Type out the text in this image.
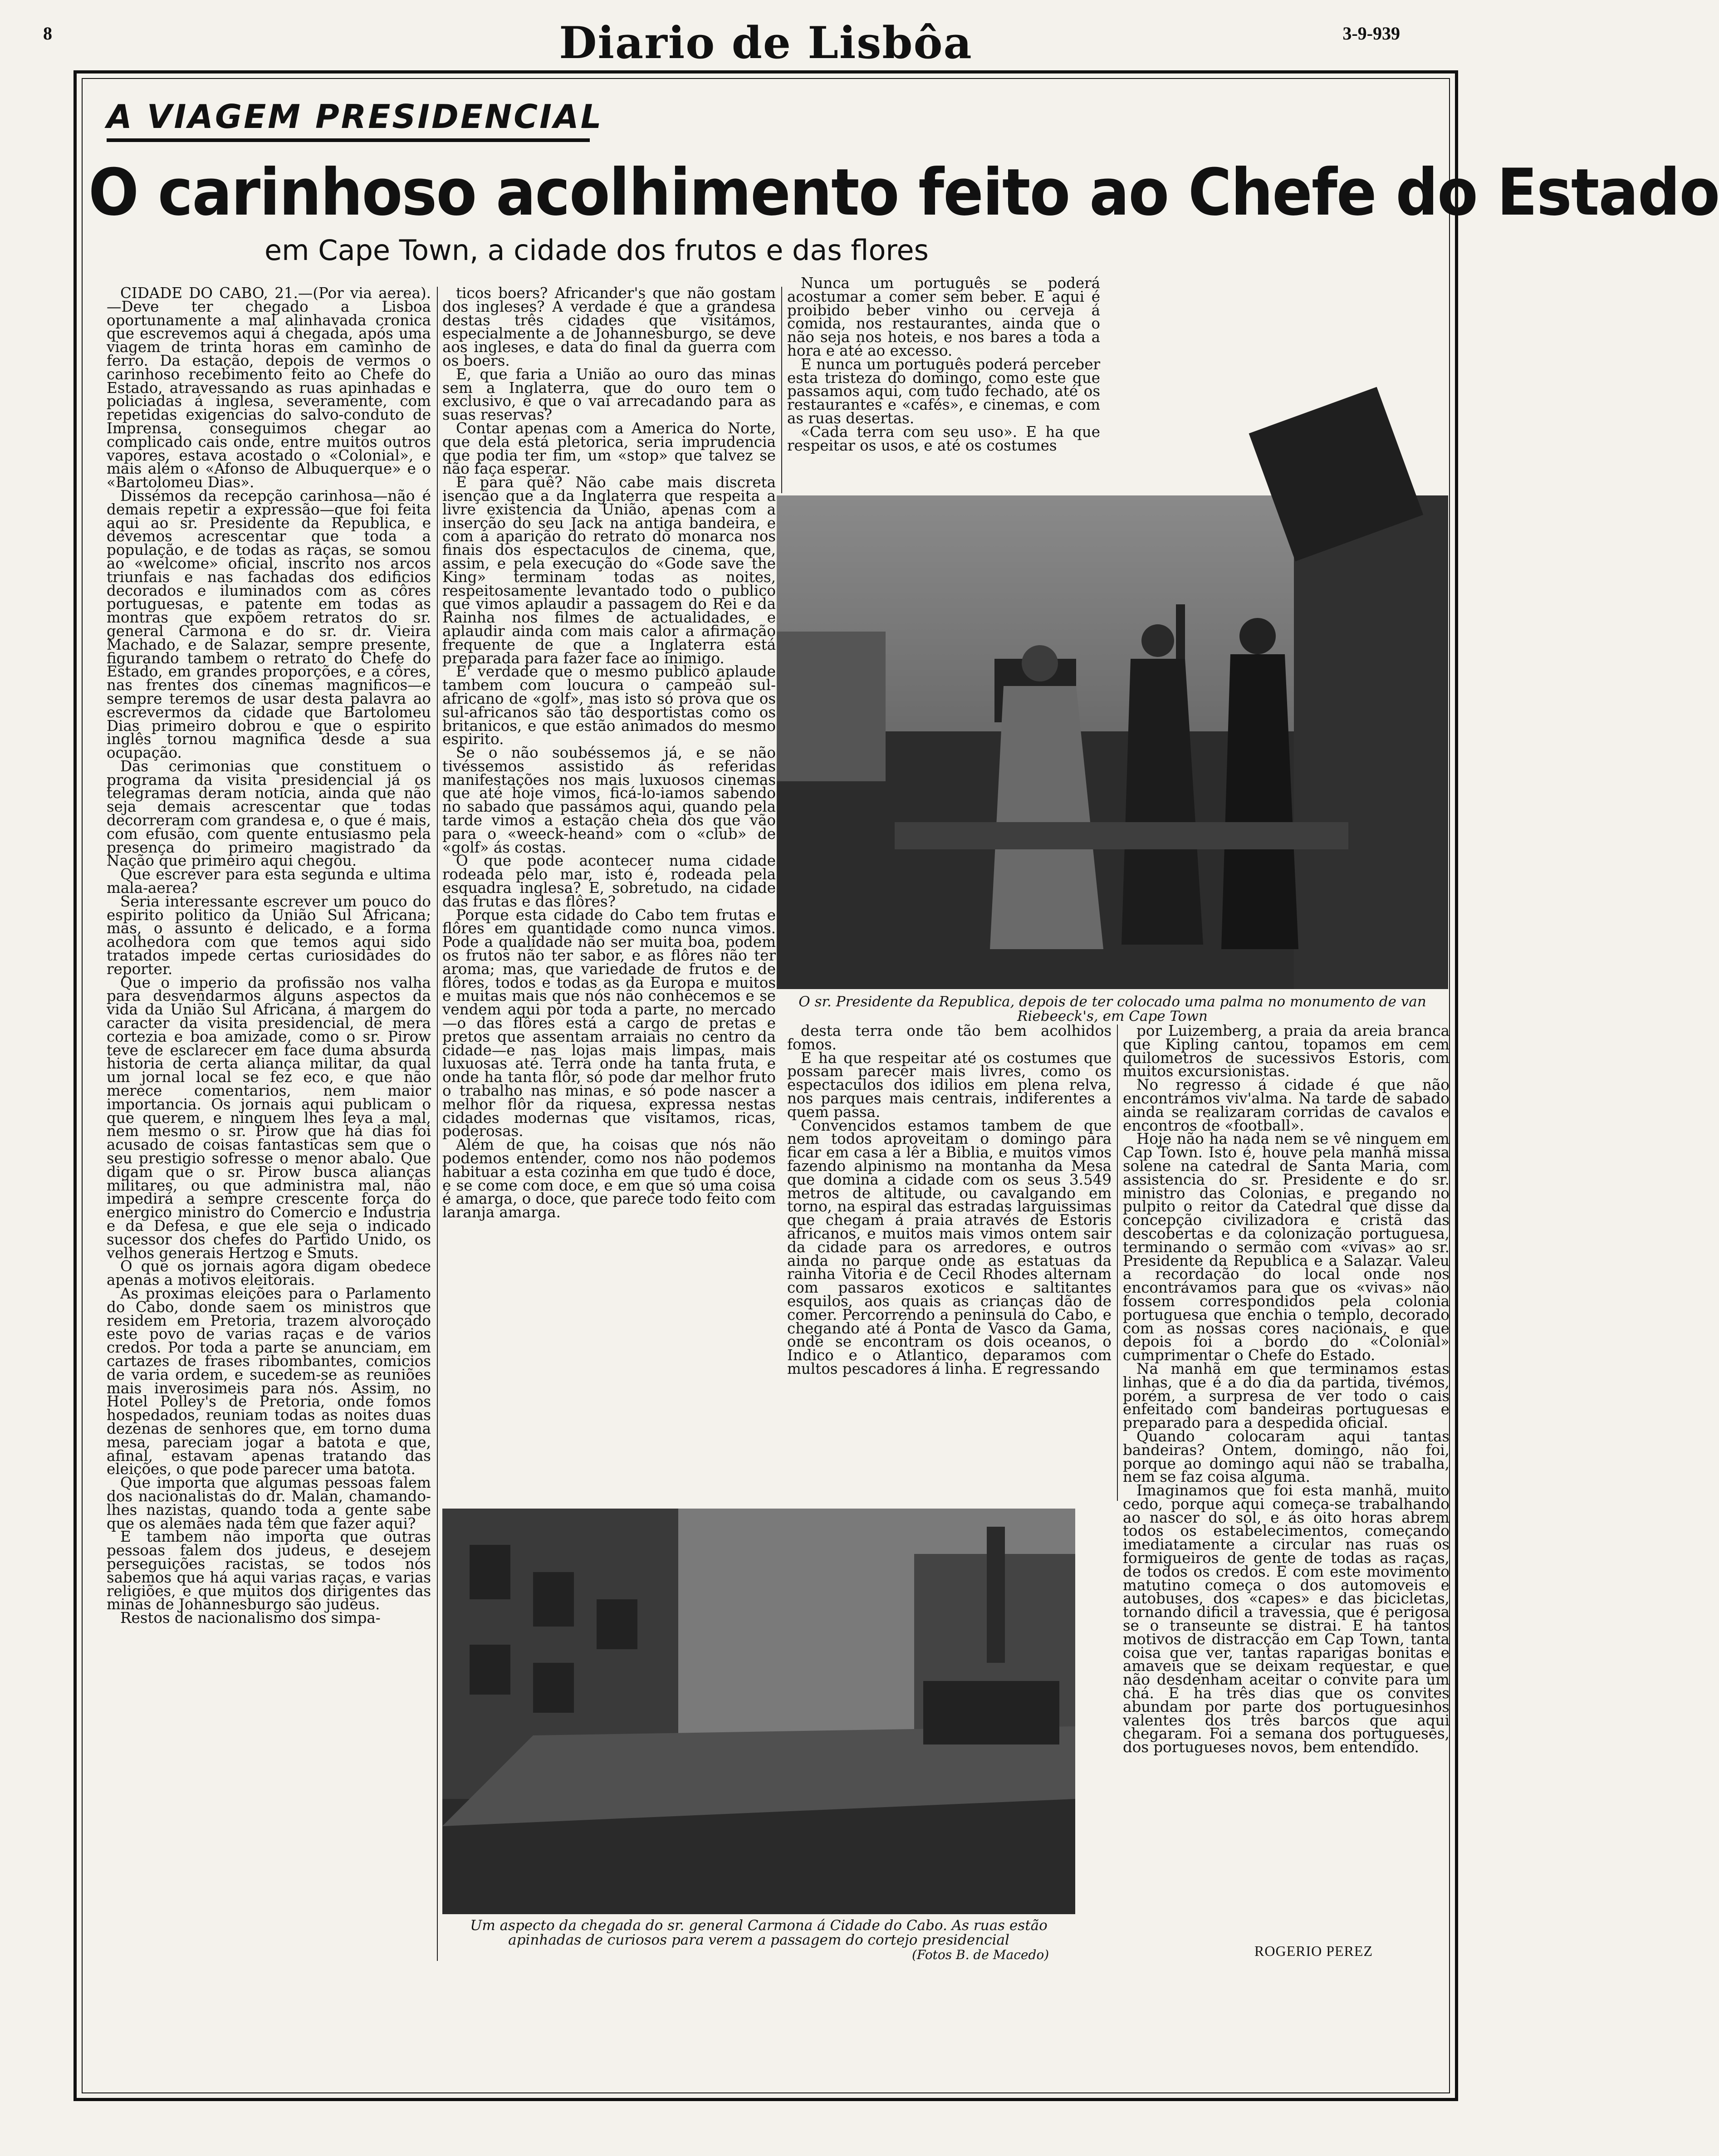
8	Diario de Lisbôa	3-9-939
A VIAGEM PRESIDENCIAL
O carinhoso acolhimento feito ao Chefe do Estado
em Cape Town, a cidade dos frutos e das flores

CIDADE DO CABO, 21.—(Por via aerea).—Deve ter chegado a Lisboa oportunamente a mal alinhavada cronica que escrevemos aqui á chegada, após uma viagem de trinta horas em caminho de ferro. Da estação, depois de vermos o carinhoso recebimento feito ao Chefe do Estado, atravessando as ruas apinhadas e policiadas á inglesa, severamente, com repetidas exigencias do salvo-conduto de Imprensa, conseguimos chegar ao complicado cais onde, entre muitos outros vapores, estava acostado o «Colonial», e mais além o «Afonso de Albuquerque» e o «Bartolomeu Dias».

Dissémos da recepção carinhosa—não é demais repetir a expressão—que foi feita aqui ao sr. Presidente da Republica, e devemos acrescentar que toda a população, e de todas as raças, se somou ao «welcome» oficial, inscrito nos arcos triunfais e nas fachadas dos edificios decorados e iluminados com as côres portuguesas, e patente em todas as montras que expõem retratos do sr. general Carmona e do sr. dr. Vieira Machado, e de Salazar, sempre presente, figurando tambem o retrato do Chefe do Estado, em grandes proporções, e a côres, nas frentes dos cinemas magnificos—e sempre teremos de usar desta palavra ao escrevermos da cidade que Bartolomeu Dias primeiro dobrou e que o espirito inglês tornou magnifica desde a sua ocupação.

Das cerimonias que constituem o programa da visita presidencial já os telegramas deram noticia, ainda que não seja demais acrescentar que todas decorreram com grandesa e, o que é mais, com efusão, com quente entusiasmo pela presença do primeiro magistrado da Nação que primeiro aqui chegou.

Que escrever para esta segunda e ultima mala-aerea?

Seria interessante escrever um pouco do espirito politico da União Sul Africana; mas, o assunto é delicado, e a forma acolhedora com que temos aqui sido tratados impede certas curiosidades do reporter.

Que o imperio da profissão nos valha para desvendarmos alguns aspectos da vida da União Sul Africana, á margem do caracter da visita presidencial, de mera cortezia e boa amizade, como o sr. Pirow teve de esclarecer em face duma absurda historia de certa aliança militar, da qual um jornal local se fez eco, e que não merece comentarios, nem maior importancia. Os jornais aqui publicam o que querem, e ninguem lhes leva a mal, nem mesmo o sr. Pirow que há dias foi acusado de coisas fantasticas sem que o seu prestigio sofresse o menor abalo. Que digam que o sr. Pirow busca alianças militares, ou que administra mal, não impedirá a sempre crescente força do energico ministro do Comercio e Industria e da Defesa, e que ele seja o indicado sucessor dos chefes do Partido Unido, os velhos generais Hertzog e Smuts.

O que os jornais agora digam obedece apenas a motivos eleitorais.

As proximas eleições para o Parlamento do Cabo, donde saem os ministros que residem em Pretoria, trazem alvoroçado este povo de varias raças e de varios credos. Por toda a parte se anunciam, em cartazes de frases ribombantes, comicios de varia ordem, e sucedem-se as reuniões mais inverosimeis para nós. Assim, no Hotel Polley's de Pretoria, onde fomos hospedados, reuniam todas as noites duas dezenas de senhores que, em torno duma mesa, pareciam jogar a batota e que, afinal, estavam apenas tratando das eleições, o que pode parecer uma batota.

Que importa que algumas pessoas falem dos nacionalistas do dr. Malan, chamando-lhes nazistas, quando toda a gente sabe que os alemães nada têm que fazer aqui?

E tambem não importa que outras pessoas falem dos judeus, e desejem perseguições racistas, se todos nós sabemos que há aqui varias raças, e varias religiões, e que muitos dos dirigentes das minas de Johannesburgo são judeus.

Restos de nacionalismo dos simpa-

ticos boers? Africander's que não gostam dos ingleses? A verdade é que a grandesa destas três cidades que visitámos, especialmente a de Johannesburgo, se deve aos ingleses, e data do final da guerra com os boers.

E, que faria a União ao ouro das minas sem a Inglaterra, que do ouro tem o exclusivo, e que o vai arrecadando para as suas reservas?

Contar apenas com a America do Norte, que dela está pletorica, seria imprudencia que podia ter fim, um «stop» que talvez se não faça esperar.

E para quê? Não cabe mais discreta isenção que a da Inglaterra que respeita a livre existencia da União, apenas com a inserção do seu Jack na antiga bandeira, e com a aparição do retrato do monarca nos finais dos espectaculos de cinema, que, assim, e pela execução do «Gode save the King» terminam todas as noites, respeitosamente levantado todo o publico que vimos aplaudir a passagem do Rei e da Rainha nos filmes de actualidades, e aplaudir ainda com mais calor a afirmação frequente de que a Inglaterra está preparada para fazer face ao inimigo.

E' verdade que o mesmo publico aplaude tambem com loucura o campeão sul-africano de «golf», mas isto só prova que os sul-africanos são tão desportistas como os britanicos, e que estão animados do mesmo espirito.

Se o não soubéssemos já, e se não tivéssemos assistido ás referidas manifestações nos mais luxuosos cinemas que até hoje vimos, ficá-lo-iamos sabendo no sabado que passámos aqui, quando pela tarde vimos a estação cheia dos que vão para o «weeck-heand» com o «club» de «golf» ás costas.

O que pode acontecer numa cidade rodeada pelo mar, isto é, rodeada pela esquadra inglesa? E, sobretudo, na cidade das frutas e das flôres?

Porque esta cidade do Cabo tem frutas e flôres em quantidade como nunca vimos. Pode a qualidade não ser muita boa, podem os frutos não ter sabor, e as flôres não ter aroma; mas, que variedade de frutos e de flôres, todos e todas as da Europa e muitos e muitas mais que nós não conhecemos e se vendem aqui por toda a parte, no mercado—o das flôres está a cargo de pretas e pretos que assentam arraiais no centro da cidade—e nas lojas mais limpas, mais luxuosas até. Terra onde ha tanta fruta, e onde ha tanta flôr, só pode dar melhor fruto o trabalho nas minas, e só pode nascer a melhor flôr da riquesa, expressa nestas cidades modernas que visitamos, ricas, poderosas.

Além de que, ha coisas que nós não podemos entender, como nos não podemos habituar a esta cozinha em que tudo é doce, e se come com doce, e em que só uma coisa é amarga, o doce, que parece todo feito com laranja amarga.

Nunca um português se poderá acostumar a comer sem beber. E aqui é proibido beber vinho ou cerveja á comida, nos restaurantes, ainda que o não seja nos hoteis, e nos bares a toda a hora e até ao excesso.

E nunca um português poderá perceber esta tristeza do domingo, como este que passamos aqui, com tudo fechado, até os restaurantes e «cafés», e cinemas, e com as ruas desertas.

«Cada terra com seu uso». E ha que respeitar os usos, e até os costumes

O sr. Presidente da Republica, depois de ter colocado uma palma no monumento de van Riebeeck's, em Cape Town

desta terra onde tão bem acolhidos fomos.

E ha que respeitar até os costumes que possam parecer mais livres, como os espectaculos dos idilios em plena relva, nos parques mais centrais, indiferentes a quem passa.

Convencidos estamos tambem de que nem todos aproveitam o domingo para ficar em casa a lêr a Biblia, e muitos vimos fazendo alpinismo na montanha da Mesa que domina a cidade com os seus 3.549 metros de altitude, ou cavalgando em torno, na espiral das estradas larguissimas que chegam á praia através de Estoris africanos, e muitos mais vimos ontem sair da cidade para os arredores, e outros ainda no parque onde as estatuas da rainha Vitoria e de Cecil Rhodes alternam com passaros exoticos e saltitantes esquilos, aos quais as crianças dão de comer. Percorrendo a peninsula do Cabo, e chegando até á Ponta de Vasco da Gama, onde se encontram os dois oceanos, o Indico e o Atlantico, deparamos com multos pescadores á linha. E regressando

por Luizemberg, a praia da areia branca que Kipling cantou, topamos em cem quilometros de sucessivos Estoris, com muitos excursionistas.

No regresso á cidade é que não encontrámos viv'alma. Na tarde de sabado ainda se realizaram corridas de cavalos e encontros de «football».

Hoje não ha nada nem se vê ninguem em Cap Town. Isto é, houve pela manhã missa solene na catedral de Santa Maria, com assistencia do sr. Presidente e do sr. ministro das Colonias, e pregando no pulpito o reitor da Catedral que disse da concepção civilizadora e cristã das descobertas e da colonização portuguesa, terminando o sermão com «vivas» ao sr. Presidente da Republica e a Salazar. Valeu a recordação do local onde nos encontrávamos para que os «vivas» não fossem correspondidos pela colonia portuguesa que enchia o templo, decorado com as nossas cores nacionais, e que depois foi a bordo do «Colonial» cumprimentar o Chefe do Estado.

Na manhã em que terminamos estas linhas, que é a do dia da partida, tivémos, porém, a surpresa de ver todo o cais enfeitado com bandeiras portuguesas e preparado para a despedida oficial.

Quando colocaram aqui tantas bandeiras? Ontem, domingo, não foi, porque ao domingo aqui não se trabalha, nem se faz coisa alguma.

Imaginamos que foi esta manhã, muito cedo, porque aqui começa-se trabalhando ao nascer do sol, e ás oito horas abrem todos os estabelecimentos, começando imediatamente a circular nas ruas os formigueiros de gente de todas as raças, de todos os credos. E com este movimento matutino começa o dos automoveis e autobuses, dos «capes» e das bicicletas, tornando dificil a travessia, que é perigosa se o transeunte se distrai. E ha tantos motivos de distracção em Cap Town, tanta coisa que ver, tantas raparigas bonitas e amaveis que se deixam requestar, e que não desdenham aceitar o convite para um chá. E ha três dias que os convites abundam por parte dos portuguesinhos valentes dos três barcos que aqui chegaram. Foi a semana dos portugueses, dos portugueses novos, bem entendido.

Um aspecto da chegada do sr. general Carmona á Cidade do Cabo. As ruas estão apinhadas de curiosos para verem a passagem do cortejo presidencial
(Fotos B. de Macedo)	ROGERIO PEREZ
